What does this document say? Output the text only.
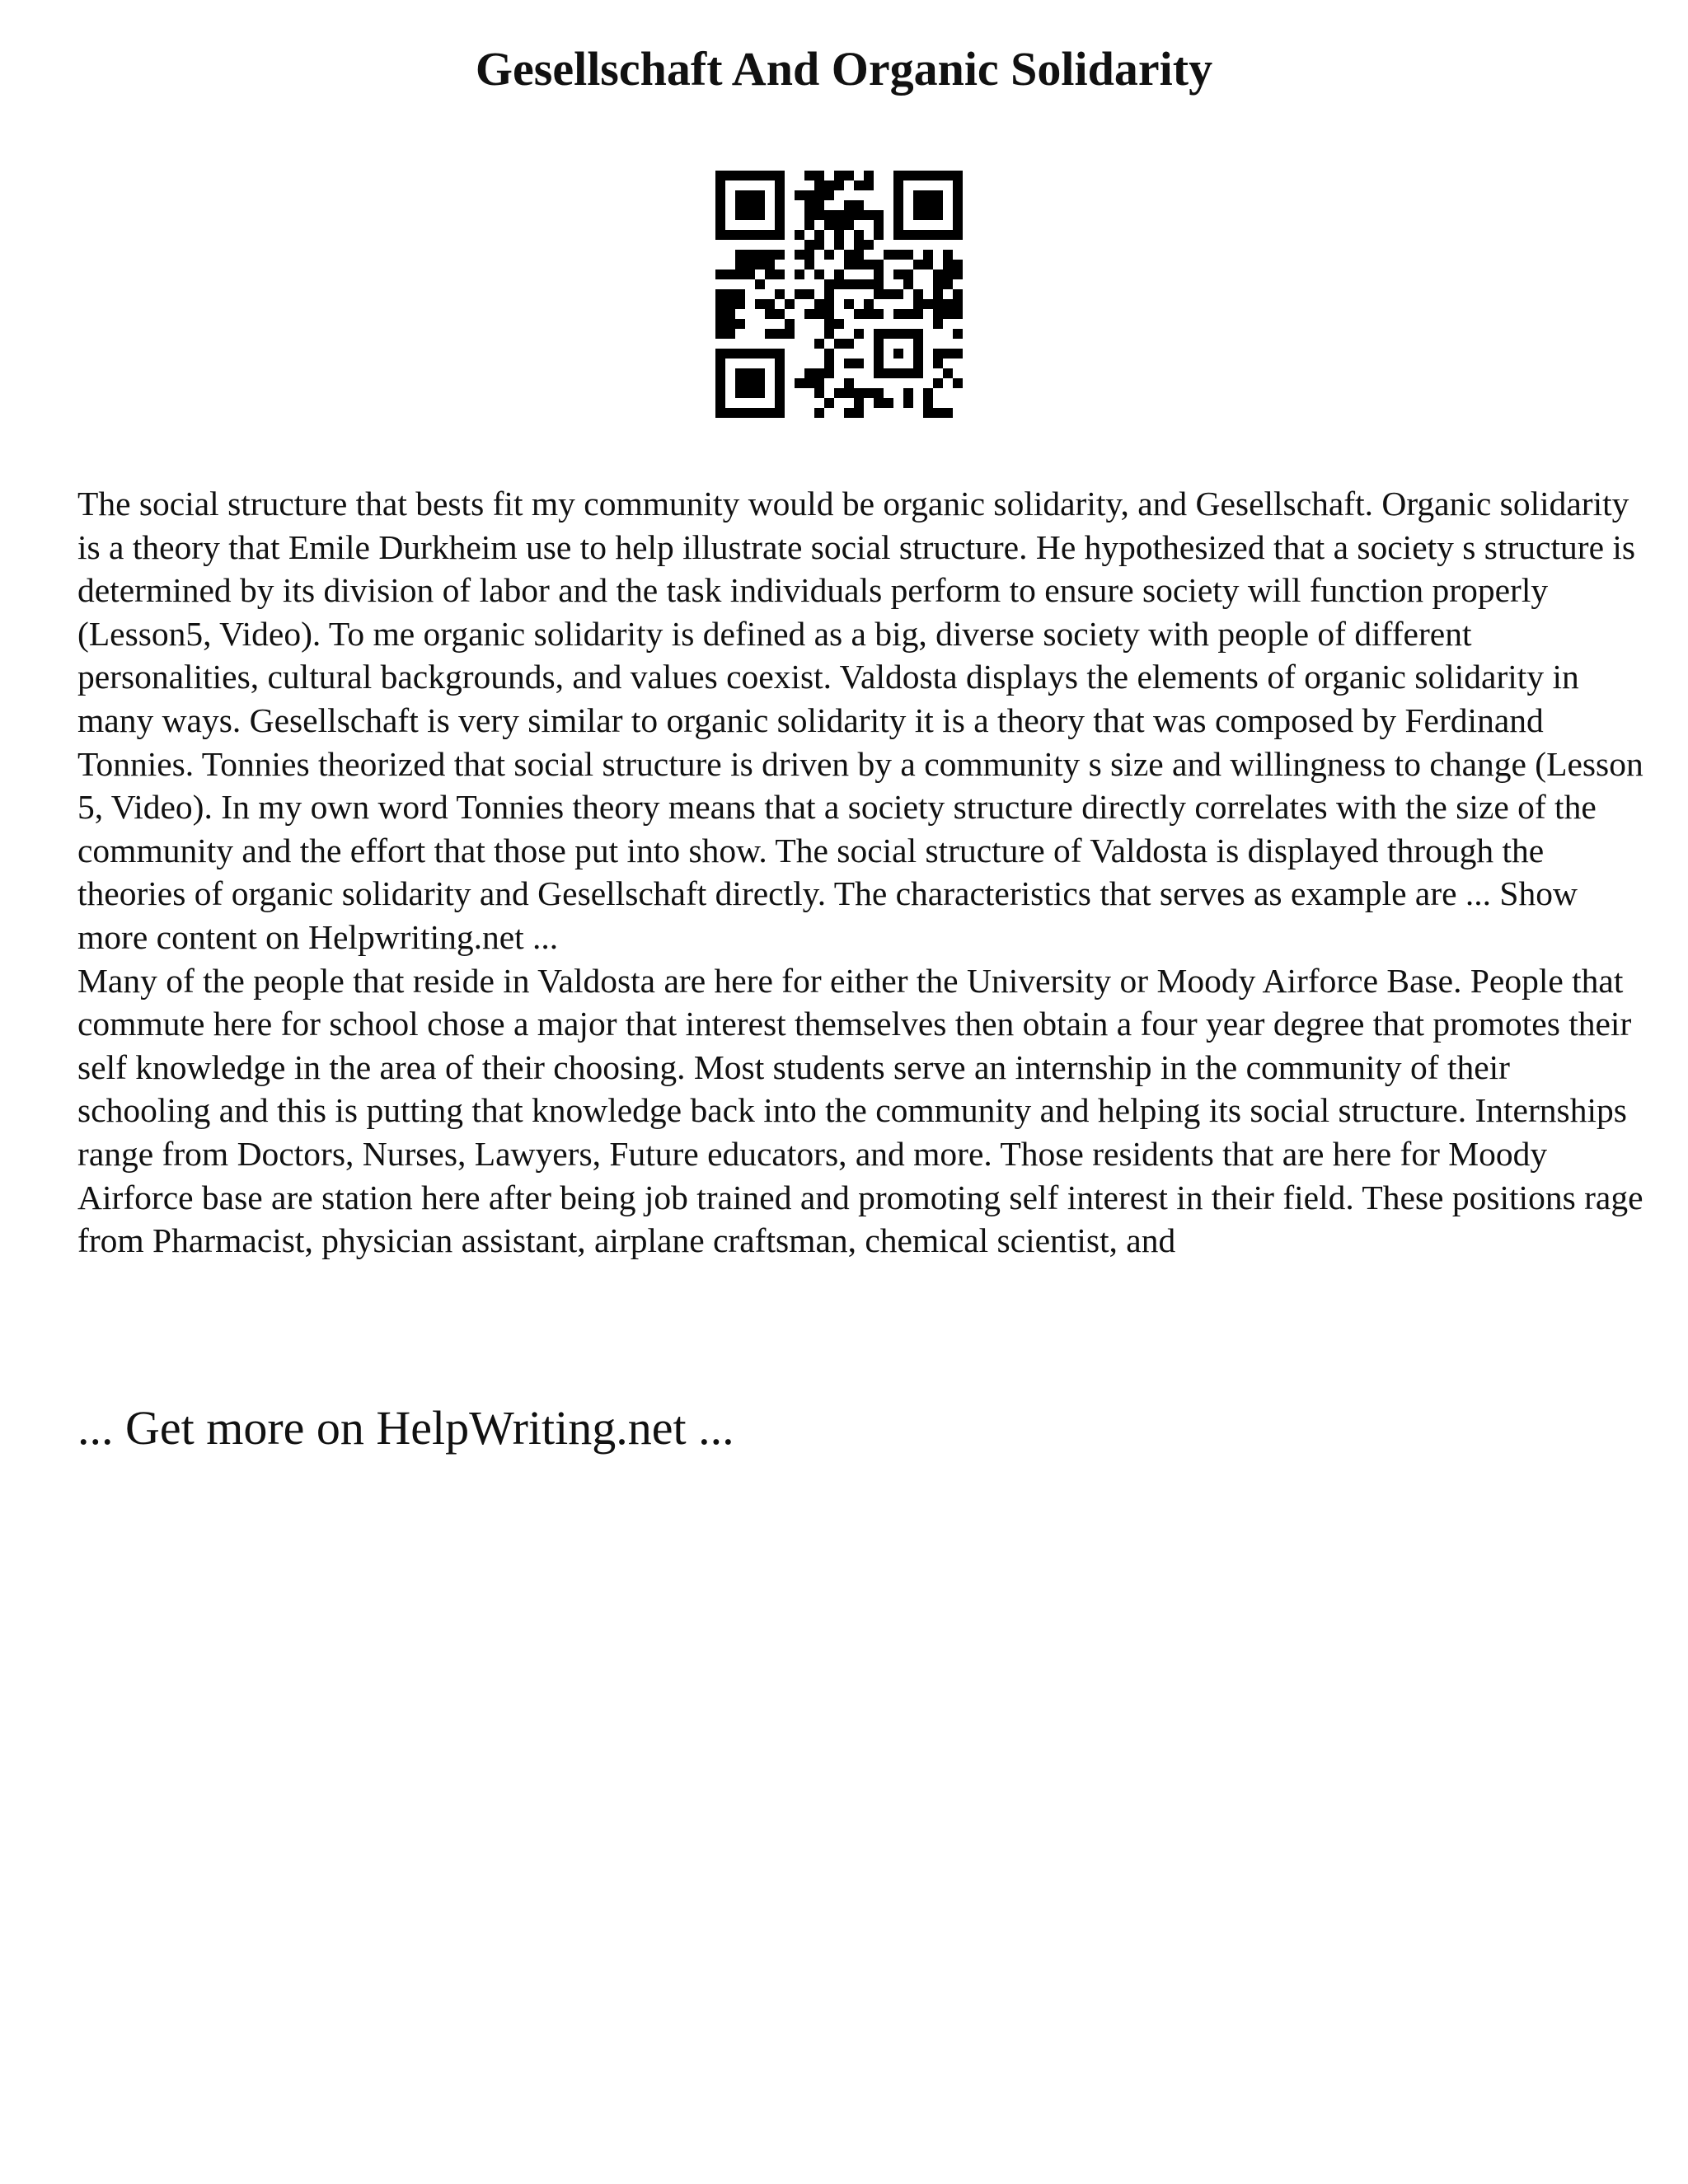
Gesellschaft And Organic Solidarity

The social structure that bests fit my community would be organic solidarity, and Gesellschaft. Organic solidarity is a theory that Emile Durkheim use to help illustrate social structure. He hypothesized that a society s structure is determined by its division of labor and the task individuals perform to ensure society will function properly (Lesson5, Video). To me organic solidarity is defined as a big, diverse society with people of different personalities, cultural backgrounds, and values coexist. Valdosta displays the elements of organic solidarity in many ways. Gesellschaft is very similar to organic solidarity it is a theory that was composed by Ferdinand Tonnies. Tonnies theorized that social structure is driven by a community s size and willingness to change (Lesson 5, Video). In my own word Tonnies theory means that a society structure directly correlates with the size of the community and the effort that those put into show. The social structure of Valdosta is displayed through the theories of organic solidarity and Gesellschaft directly. The characteristics that serves as example are ... Show more content on Helpwriting.net ...

Many of the people that reside in Valdosta are here for either the University or Moody Airforce Base. People that commute here for school chose a major that interest themselves then obtain a four year degree that promotes their self knowledge in the area of their choosing. Most students serve an internship in the community of their schooling and this is putting that knowledge back into the community and helping its social structure. Internships range from Doctors, Nurses, Lawyers, Future educators, and more. Those residents that are here for Moody Airforce base are station here after being job trained and promoting self interest in their field. These positions rage from Pharmacist, physician assistant, airplane craftsman, chemical scientist, and

... Get more on HelpWriting.net ...
